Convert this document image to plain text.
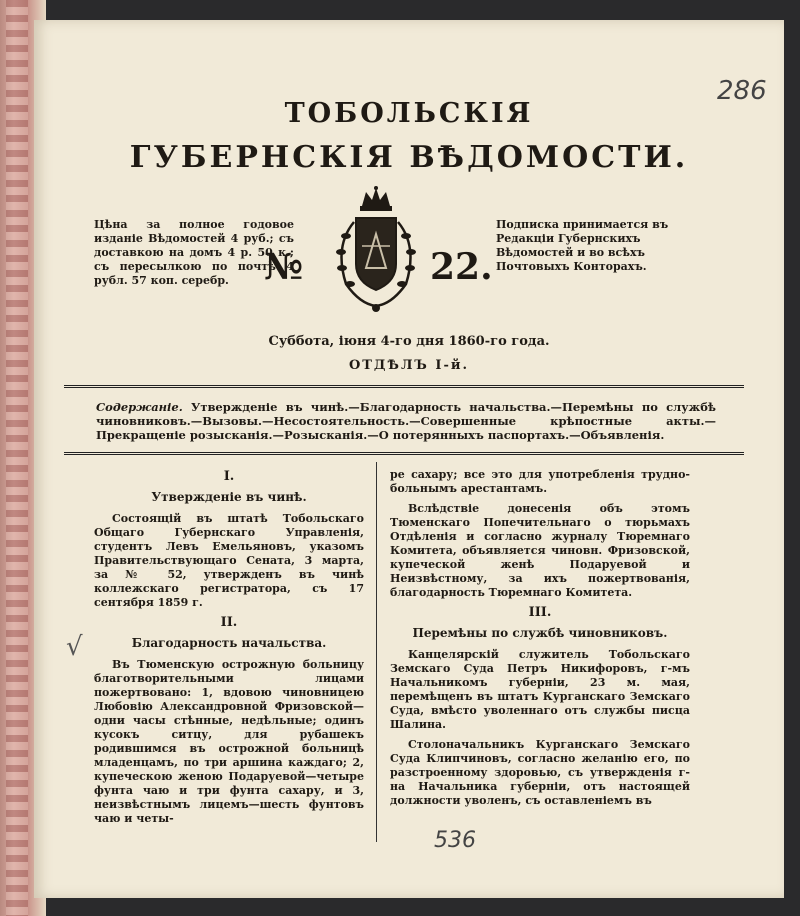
286
536
√
ТОБОЛЬСКІЯ
ГУБЕРНСКІЯ ВѢДОМОСТИ.
Цѣна за полное годовое изданіе Вѣдомостей 4 руб.; съ доставкою на домъ 4 р. 50 к.; съ пересылкою по почтѣ 4 рубл. 57 коп. серебр. №	22.
Подписка принимается въ Редакціи Губернскихъ Вѣдомостей и во всѣхъ Почтовыхъ Конторахъ.
Суббота, іюня 4-го дня 1860-го года.
ОТДѢЛЪ I-й.
Содержаніе. Утвержденіе въ чинѣ.—Благодарность начальства.—Перемѣны по службѣ чиновниковъ.—Вызовы.—Несостоятельность.—Совершенные крѣпостные акты.—Прекращеніе розысканія.—Розысканія.—О потерянныхъ паспортахъ.—Объявленія.
I.
Утвержденіе въ чинѣ.

Состоящій въ штатѣ Тобольскаго Общаго Губернскаго Управленія, студентъ Левъ Емельяновъ, указомъ Правительствующаго Сената, 3 марта, за № 52, утвержденъ въ чинѣ коллежскаго регистратора, съ 17 сентября 1859 г.

II.
Благодарность начальства.

Въ Тюменскую острожную больницу благотворительными лицами пожертвовано: 1, вдовою чиновницею Любовію Александровной Фризовской—одни часы стѣнные, недѣльные; одинъ кусокъ ситцу, для рубашекъ родившимся въ острожной больницѣ младенцамъ, по три аршина каждаго; 2, купеческою женою Подаруевой—четыре фунта чаю и три фунта сахару, и 3, неизвѣстнымъ лицемъ—шесть фунтовъ чаю и четы-

ре сахару; все это для употребленія трудно-больнымъ арестантамъ.

Вслѣдствіе донесенія объ этомъ Тюменскаго Попечительнаго о тюрьмахъ Отдѣленія и согласно журналу Тюремнаго Комитета, объявляется чиновн. Фризовской, купеческой женѣ Подаруевой и Неизвѣстному, за ихъ пожертвованія, благодарность Тюремнаго Комитета.

III.
Перемѣны по службѣ чиновниковъ.

Канцелярскій служитель Тобольскаго Земскаго Суда Петръ Никифоровъ, г-мъ Начальникомъ губерніи, 23 м. мая, перемѣщенъ въ штатъ Курганскаго Земскаго Суда, вмѣсто уволеннаго отъ службы писца Шалина.

Столоначальникъ Курганскаго Земскаго Суда Клипчиновъ, согласно желанію его, по разстроенному здоровью, съ утвержденія г-на Начальника губерніи, отъ настоящей должности уволенъ, съ оставленіемъ въ
